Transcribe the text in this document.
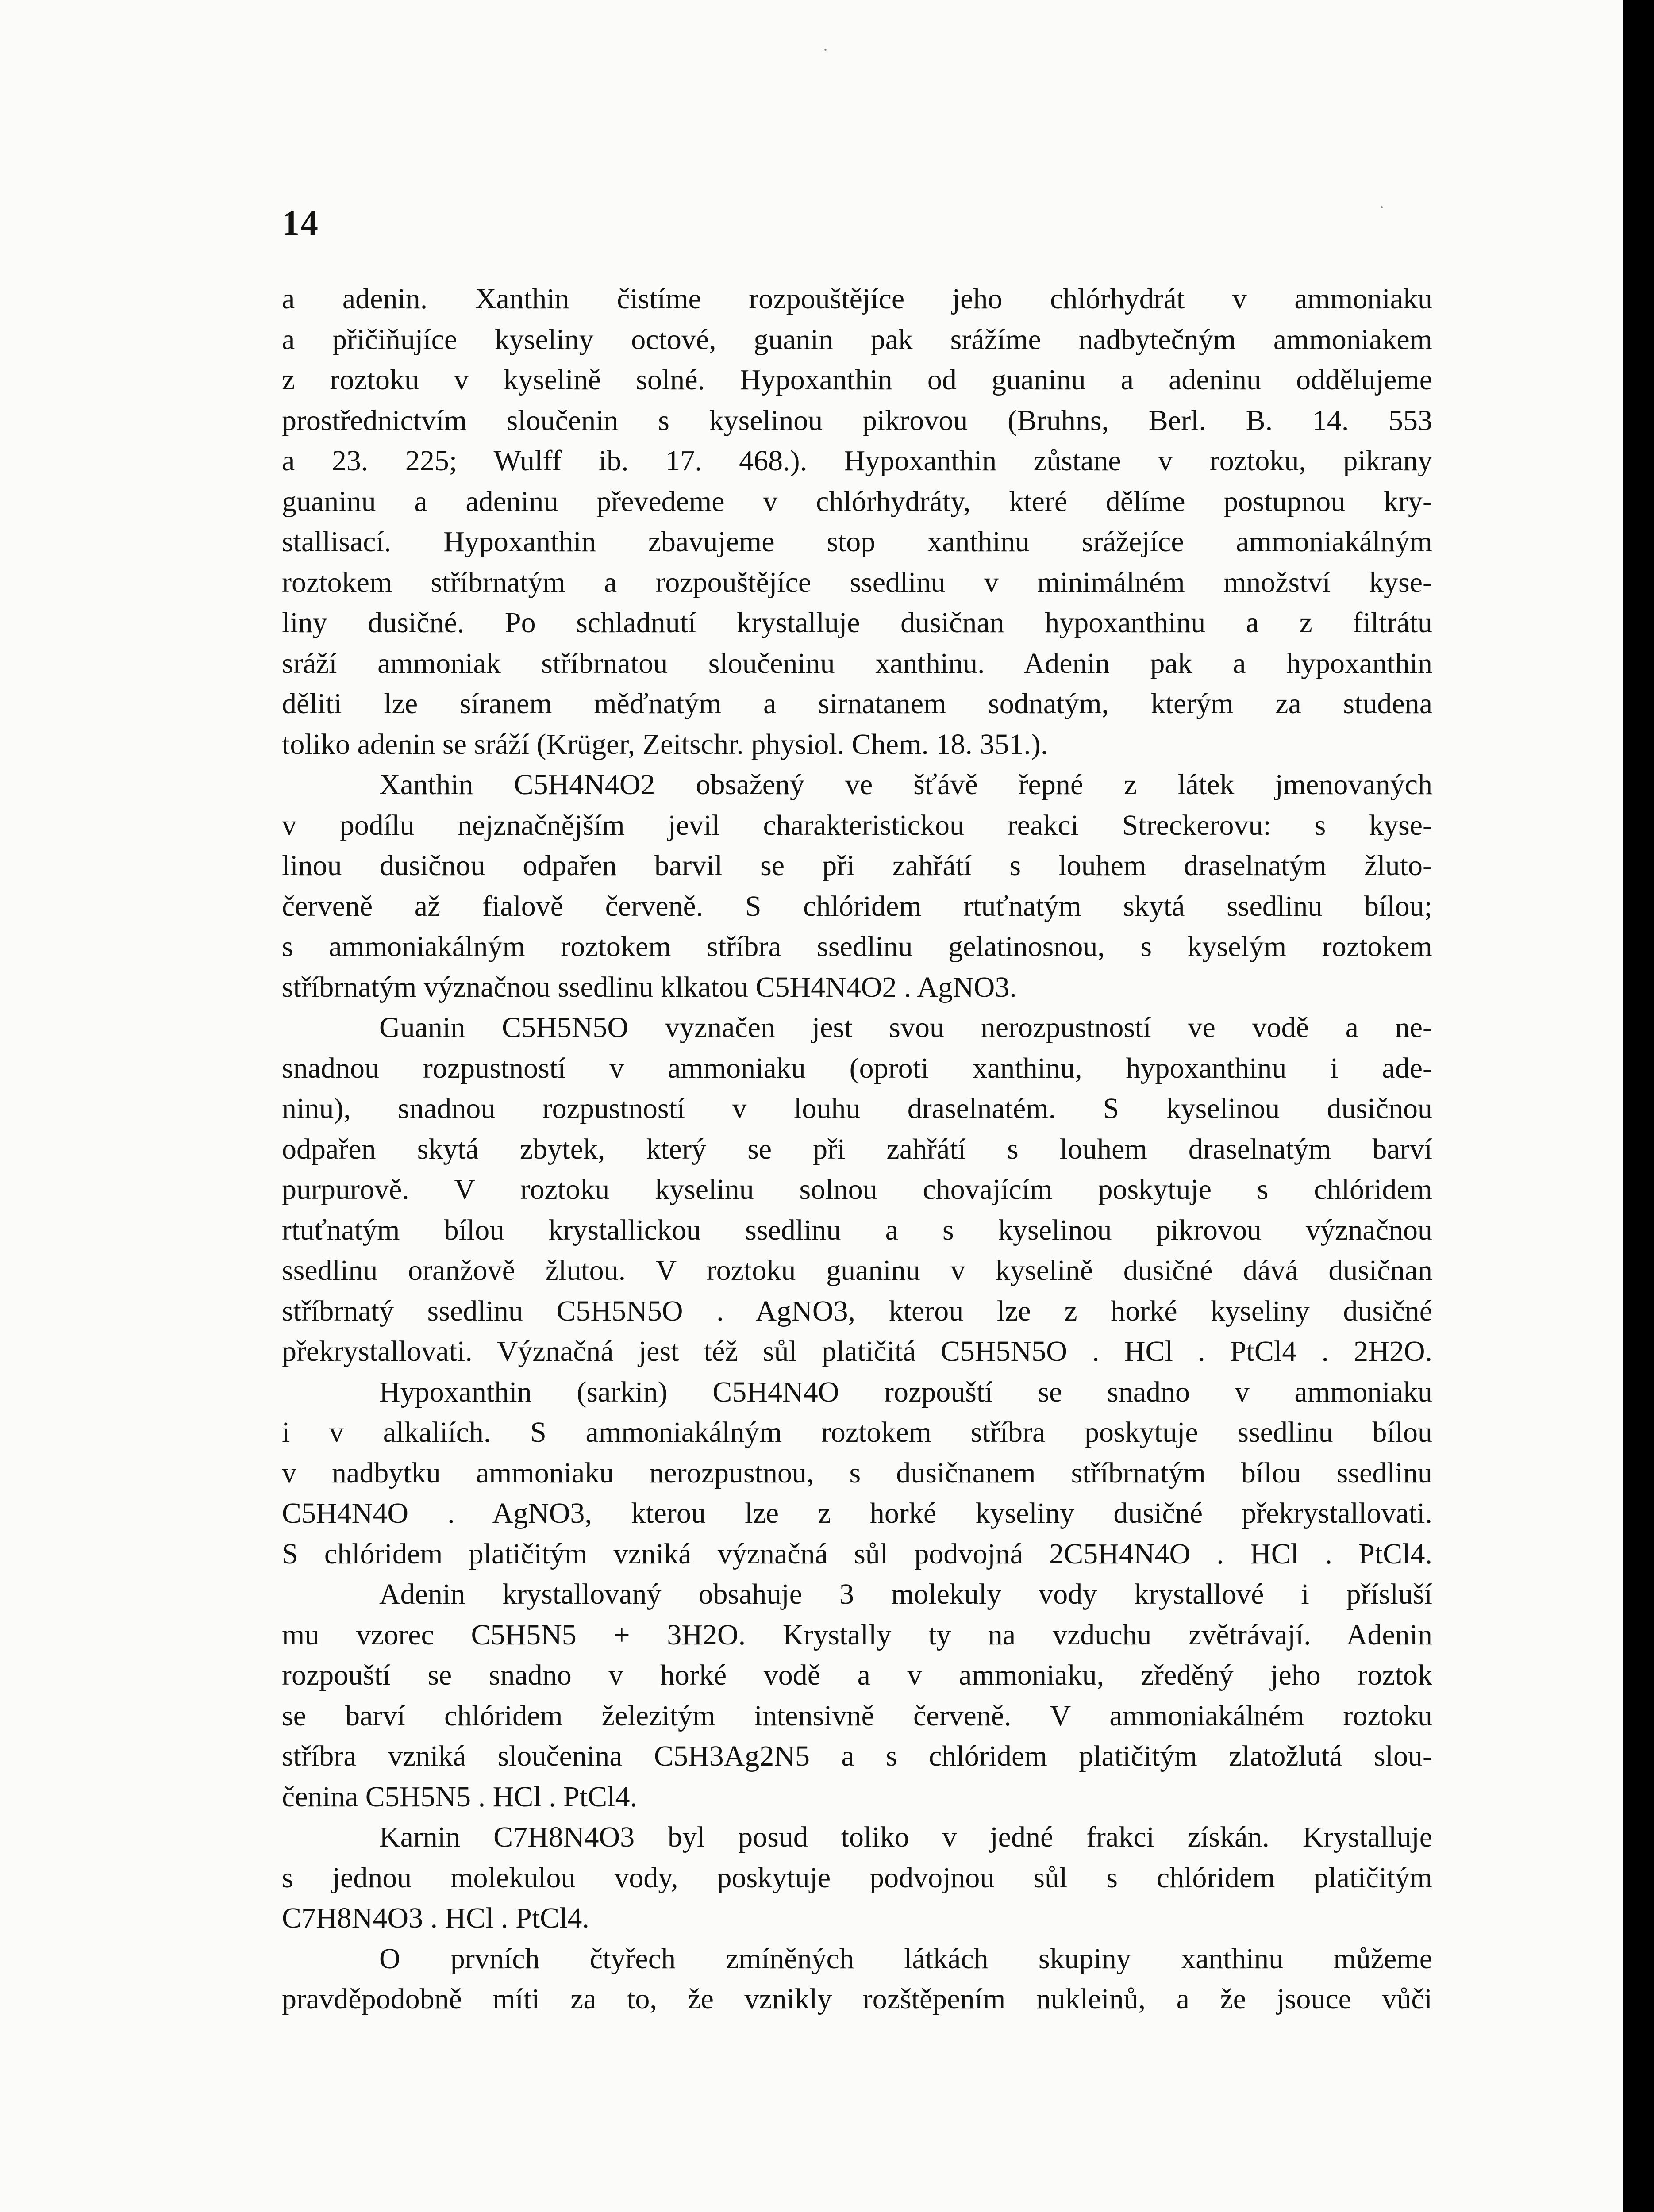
14
a adenin. Xanthin čistíme rozpouštějíce jeho chlórhydrát v ammoniaku
a přičiňujíce kyseliny octové, guanin pak srážíme nadbytečným ammoniakem
z roztoku v kyselině solné. Hypoxanthin od guaninu a adeninu oddělujeme
prostřednictvím sloučenin s kyselinou pikrovou (Bruhns, Berl. B. 14. 553
a 23. 225; Wulff ib. 17. 468.). Hypoxanthin zůstane v roztoku, pikrany
guaninu a adeninu převedeme v chlórhydráty, které dělíme postupnou kry-
stallisací. Hypoxanthin zbavujeme stop xanthinu srážejíce ammoniakálným
roztokem stříbrnatým a rozpouštějíce ssedlinu v minimálném množství kyse-
liny dusičné. Po schladnutí krystalluje dusičnan hypoxanthinu a z filtrátu
sráží ammoniak stříbrnatou sloučeninu xanthinu. Adenin pak a hypoxanthin
děliti lze síranem měďnatým a sirnatanem sodnatým, kterým za studena
toliko adenin se sráží (Krüger, Zeitschr. physiol. Chem. 18. 351.).
Xanthin C5H4N4O2 obsažený ve šťávě řepné z látek jmenovaných
v podílu nejznačnějším jevil charakteristickou reakci Streckerovu: s kyse-
linou dusičnou odpařen barvil se při zahřátí s louhem draselnatým žluto-
červeně až fialově červeně. S chlóridem rtuťnatým skytá ssedlinu bílou;
s ammoniakálným roztokem stříbra ssedlinu gelatinosnou, s kyselým roztokem
stříbrnatým význačnou ssedlinu klkatou C5H4N4O2 . AgNO3.
Guanin C5H5N5O vyznačen jest svou nerozpustností ve vodě a ne-
snadnou rozpustností v ammoniaku (oproti xanthinu, hypoxanthinu i ade-
ninu), snadnou rozpustností v louhu draselnatém. S kyselinou dusičnou
odpařen skytá zbytek, který se při zahřátí s louhem draselnatým barví
purpurově. V roztoku kyselinu solnou chovajícím poskytuje s chlóridem
rtuťnatým bílou krystallickou ssedlinu a s kyselinou pikrovou význačnou
ssedlinu oranžově žlutou. V roztoku guaninu v kyselině dusičné dává dusičnan
stříbrnatý ssedlinu C5H5N5O . AgNO3, kterou lze z horké kyseliny dusičné
překrystallovati. Význačná jest též sůl platičitá C5H5N5O . HCl . PtCl4 . 2H2O.
Hypoxanthin (sarkin) C5H4N4O rozpouští se snadno v ammoniaku
i v alkaliích. S ammoniakálným roztokem stříbra poskytuje ssedlinu bílou
v nadbytku ammoniaku nerozpustnou, s dusičnanem stříbrnatým bílou ssedlinu
C5H4N4O . AgNO3, kterou lze z horké kyseliny dusičné překrystallovati.
S chlóridem platičitým vzniká význačná sůl podvojná 2C5H4N4O . HCl . PtCl4.
Adenin krystallovaný obsahuje 3 molekuly vody krystallové i přísluší
mu vzorec C5H5N5 + 3H2O. Krystally ty na vzduchu zvětrávají. Adenin
rozpouští se snadno v horké vodě a v ammoniaku, zředěný jeho roztok
se barví chlóridem železitým intensivně červeně. V ammoniakálném roztoku
stříbra vzniká sloučenina C5H3Ag2N5 a s chlóridem platičitým zlatožlutá slou-
čenina C5H5N5 . HCl . PtCl4.
Karnin C7H8N4O3 byl posud toliko v jedné frakci získán. Krystalluje
s jednou molekulou vody, poskytuje podvojnou sůl s chlóridem platičitým
C7H8N4O3 . HCl . PtCl4.
O prvních čtyřech zmíněných látkách skupiny xanthinu můžeme
pravděpodobně míti za to, že vznikly rozštěpením nukleinů, a že jsouce vůči
